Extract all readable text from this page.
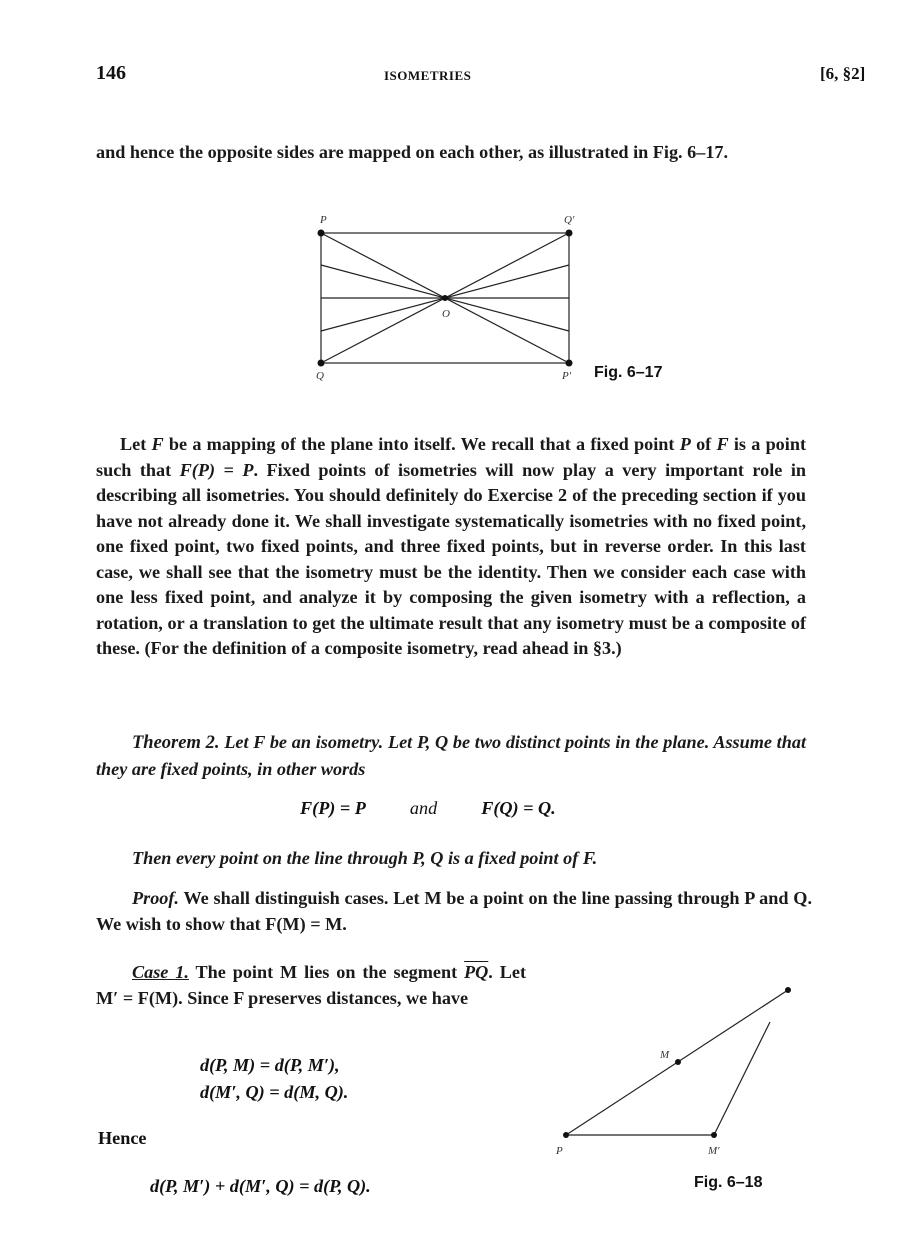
146	ISOMETRIES	[6, §2]
and hence the opposite sides are mapped on each other, as illustrated in Fig. 6–17.
P	Q′
O
Q	P′ Fig. 6–17
Let F be a mapping of the plane into itself. We recall that a fixed point P of F is a point such that F(P) = P. Fixed points of isometries will now play a very important role in describing all isometries. You should definitely do Exercise 2 of the preceding section if you have not already done it. We shall investigate systematically isometries with no fixed point, one fixed point, two fixed points, and three fixed points, but in reverse order. In this last case, we shall see that the isometry must be the identity. Then we consider each case with one less fixed point, and analyze it by composing the given isometry with a reflection, a rotation, or a translation to get the ultimate result that any isometry must be a composite of these. (For the definition of a composite isometry, read ahead in §3.)
Theorem 2. Let F be an isometry. Let P, Q be two distinct points in the plane. Assume that they are fixed points, in other words
F(P) = P and F(Q) = Q.
Then every point on the line through P, Q is a fixed point of F.
Proof. We shall distinguish cases. Let M be a point on the line passing through P and Q. We wish to show that F(M) = M.
Case 1. The point M lies on the segment $\overline{PQ}$. Let M′ = F(M). Since F preserves distances, we have
d(P, M) = d(P, M′),
d(M′, Q) = d(M, Q).
Hence
d(P, M′) + d(M′, Q) = d(P, Q).
M
P	M′
Fig. 6–18
